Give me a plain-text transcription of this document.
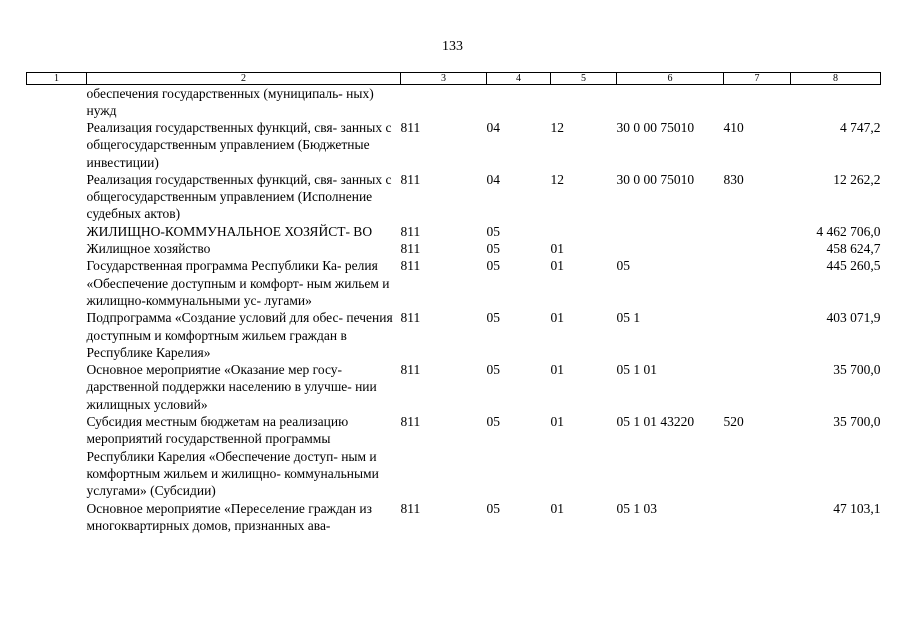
133
1	2	3	4	5	6	7	8
	обеспечения государственных (муниципаль- ных) нужд						
	Реализация государственных функций, свя- занных с общегосударственным управлением (Бюджетные инвестиции)	811	04	12	30 0 00 75010	410	4 747,2
	Реализация государственных функций, свя- занных с общегосударственным управлением (Исполнение судебных актов)	811	04	12	30 0 00 75010	830	12 262,2
	ЖИЛИЩНО-КОММУНАЛЬНОЕ ХОЗЯЙСТ- ВО	811	05				4 462 706,0
	Жилищное хозяйство	811	05	01			458 624,7
	Государственная программа Республики Ка- релия «Обеспечение доступным и комфорт- ным жильем и жилищно-коммунальными ус- лугами»	811	05	01	05		445 260,5
	Подпрограмма «Создание условий для обес- печения доступным и комфортным жильем граждан в Республике Карелия»	811	05	01	05 1		403 071,9
	Основное мероприятие «Оказание мер госу- дарственной поддержки населению в улучше- нии жилищных условий»	811	05	01	05 1 01		35 700,0
	Субсидия местным бюджетам на реализацию мероприятий государственной программы Республики Карелия «Обеспечение доступ- ным и комфортным жильем и жилищно- коммунальными услугами» (Субсидии)	811	05	01	05 1 01 43220	520	35 700,0
	Основное мероприятие «Переселение граждан из многоквартирных домов, признанных ава-	811	05	01	05 1 03		47 103,1
